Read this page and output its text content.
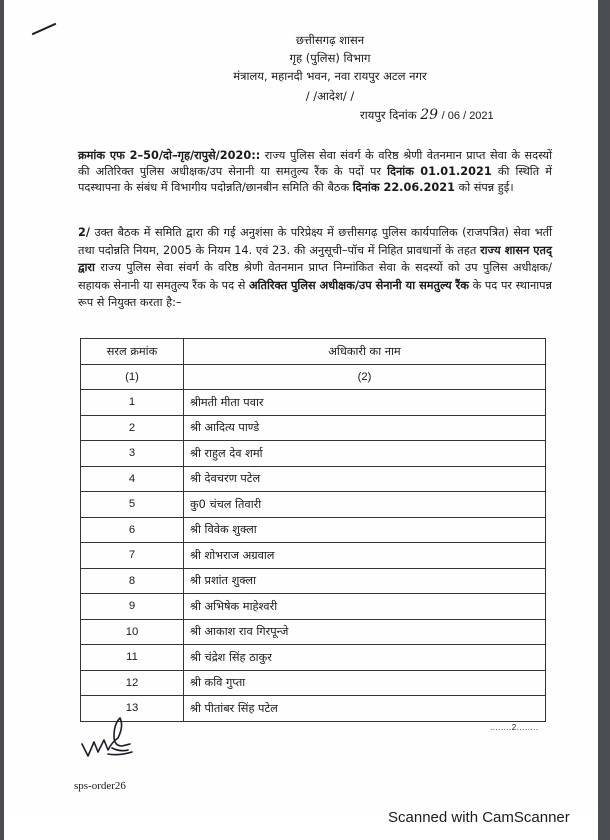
छत्तीसगढ़ शासन
गृह (पुलिस) विभाग
मंत्रालय, महानदी भवन, नवा रायपुर अटल नगर
/ /आदेश/ /
रायपुर दिनांक 29 / 06 / 2021
क्रमांक एफ 2–50/दो–गृह/रापुसे/2020:: राज्य पुलिस सेवा संवर्ग के वरिष्ठ श्रेणी वेतनमान प्राप्त सेवा के सदस्यों की अतिरिक्त पुलिस अधीक्षक/उप सेनानी या समतुल्य रैंक के पदों पर दिनांक 01.01.2021 की स्थिति में पदस्थापना के संबंध में विभागीय पदोन्नति/छानबीन समिति की बैठक दिनांक 22.06.2021 को संपन्न हुई।
2/ उक्त बैठक में समिति द्वारा की गई अनुशंसा के परिप्रेक्ष्य में छत्तीसगढ़ पुलिस कार्यपालिक (राजपत्रित) सेवा भर्ती तथा पदोन्नति नियम, 2005 के नियम 14. एवं 23. की अनुसूची–पॉच में निहित प्रावधानों के तहत राज्य शासन एतद् द्वारा राज्य पुलिस सेवा संवर्ग के वरिष्ठ श्रेणी वेतनमान प्राप्त निम्नांकित सेवा के सदस्यों को उप पुलिस अधीक्षक/सहायक सेनानी या समतुल्य रैंक के पद से अतिरिक्त पुलिस अधीक्षक/उप सेनानी या समतुल्य रैंक के पद पर स्थानापन्न रूप से नियुक्त करता है:–
सरल क्रमांक	अधिकारी का नाम
(1)	(2)
1	श्रीमती मीता पवार
2	श्री आदित्य पाण्डे
3	श्री राहुल देव शर्मा
4	श्री देवचरण पटेल
5	कु0 चंचल तिवारी
6	श्री विवेक शुक्ला
7	श्री शोभराज अग्रवाल
8	श्री प्रशांत शुक्ला
9	श्री अभिषेक माहेश्वरी
10	श्री आकाश राव गिरपून्जे
11	श्री चंद्रेश सिंह ठाकुर
12	श्री कवि गुप्ता
13	श्री पीतांबर सिंह पटेल
........2........
sps-order26
Scanned with CamScanner
